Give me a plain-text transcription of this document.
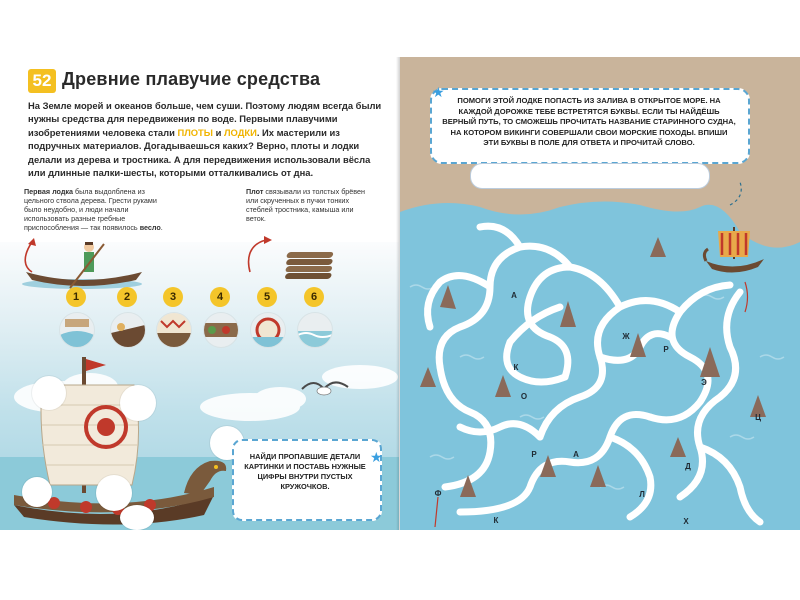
52 Древние плавучие средства

На Земле морей и океанов больше, чем суши. Поэтому людям всегда были нужны средства для передвижения по воде. Первыми плавучими изобретениями человека стали ПЛОТЫ и ЛОДКИ. Их мастерили из подручных материалов. Догадываешься каких? Верно, плоты и лодки делали из дерева и тростника. А для передвижения использовали вёсла или длинные палки-шесты, которыми отталкивались от дна.

Первая лодка была выдолблена из цельного ствола дерева. Грести руками было неудобно, и люди начали использовать разные гребные приспособления — так появилось весло.

Плот связывали из толстых брёвен или скрученных в пучки тонких стеблей тростника, камыша или веток.

1	2	3	4	5	6
★

НАЙДИ ПРОПАВШИЕ ДЕТАЛИ КАРТИНКИ И ПОСТАВЬ НУЖНЫЕ ЦИФРЫ ВНУТРИ ПУСТЫХ КРУЖОЧКОВ.

А
Ж
Р
К
О
Э
Ц
Р	А
Д
Ф	Л
К	Х
★

ПОМОГИ ЭТОЙ ЛОДКЕ ПОПАСТЬ ИЗ ЗАЛИВА В ОТКРЫТОЕ МОРЕ. НА КАЖДОЙ ДОРОЖКЕ ТЕБЕ ВСТРЕТЯТСЯ БУКВЫ. ЕСЛИ ТЫ НАЙДЁШЬ ВЕРНЫЙ ПУТЬ, ТО СМОЖЕШЬ ПРОЧИТАТЬ НАЗВАНИЕ СТАРИННОГО СУДНА, НА КОТОРОМ ВИКИНГИ СОВЕРШАЛИ СВОИ МОРСКИЕ ПОХОДЫ. ВПИШИ ЭТИ БУКВЫ В ПОЛЕ ДЛЯ ОТВЕТА И ПРОЧИТАЙ СЛОВО.
